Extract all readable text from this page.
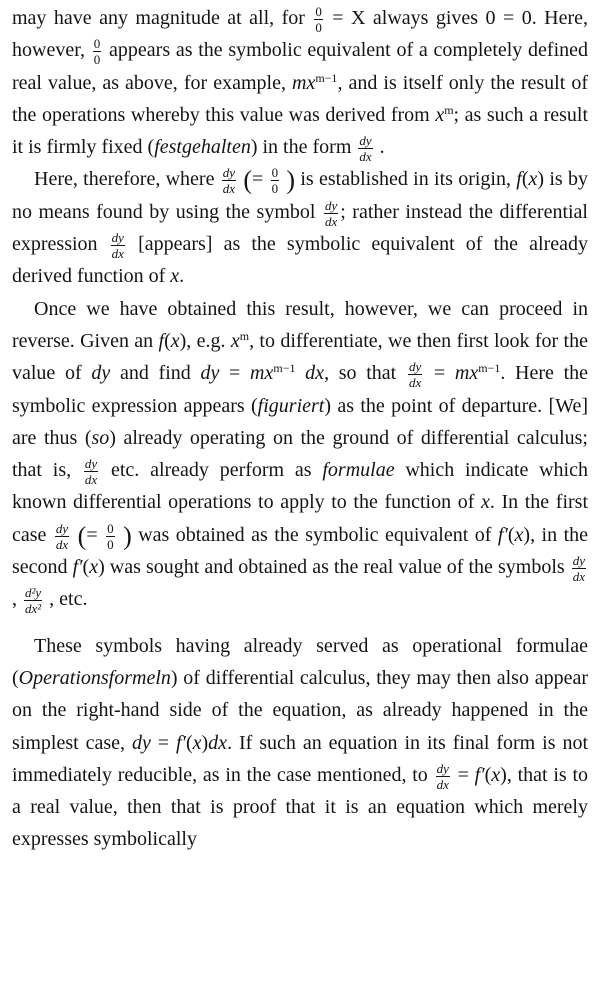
may have any magnitude at all, for $\frac{0}{0} = X$ always gives 0 = 0. Here, however, $\frac{0}{0}$ appears as the symbolic equivalent of a completely defined real value, as above, for example, $mx^{m-1}$, and is itself only the result of the operations whereby this value was derived from $x^m$; as such a result it is firmly fixed (festgehalten) in the form $\frac{dy}{dx}$ .

Here, therefore, where $\frac{dy}{dx}$ (= $\frac{0}{0}$ ) is established in its origin, f(x) is by no means found by using the symbol $\frac{dy}{dx}$ ; rather instead the differential expression $\frac{dy}{dx}$ [appears] as the symbolic equivalent of the already derived function of x.

Once we have obtained this result, however, we can proceed in reverse. Given an f(x), e.g. $x^m$, to differentiate, we then first look for the value of dy and find dy = $mx^{m-1}$ dx, so that $\frac{dy}{dx} = mx^{m-1}$. Here the symbolic expression appears (figuriert) as the point of departure. [We] are thus (so) already operating on the ground of differential calculus; that is, $\frac{dy}{dx}$ etc. already perform as formulae which indicate which known differential operations to apply to the function of x. In the first case $\frac{dy}{dx}$ (= $\frac{0}{0}$ ) was obtained as the symbolic equivalent of f′(x), in the second f′(x) was sought and obtained as the real value of the symbols $\frac{dy}{dx}$
, $\frac{\text{d²y}}{\text{dx²}}$ , etc.

These symbols having already served as operational formulae (Operationsformeln) of differential calculus, they may then also appear on the right-hand side of the equation, as already happened in the simplest case, dy = f′(x)dx. If such an equation in its final form is not immediately reducible, as in the case mentioned, to $\frac{dy}{dx} = f'(x)$, that is to a real value, then that is proof that it is an equation which merely expresses symbolically
